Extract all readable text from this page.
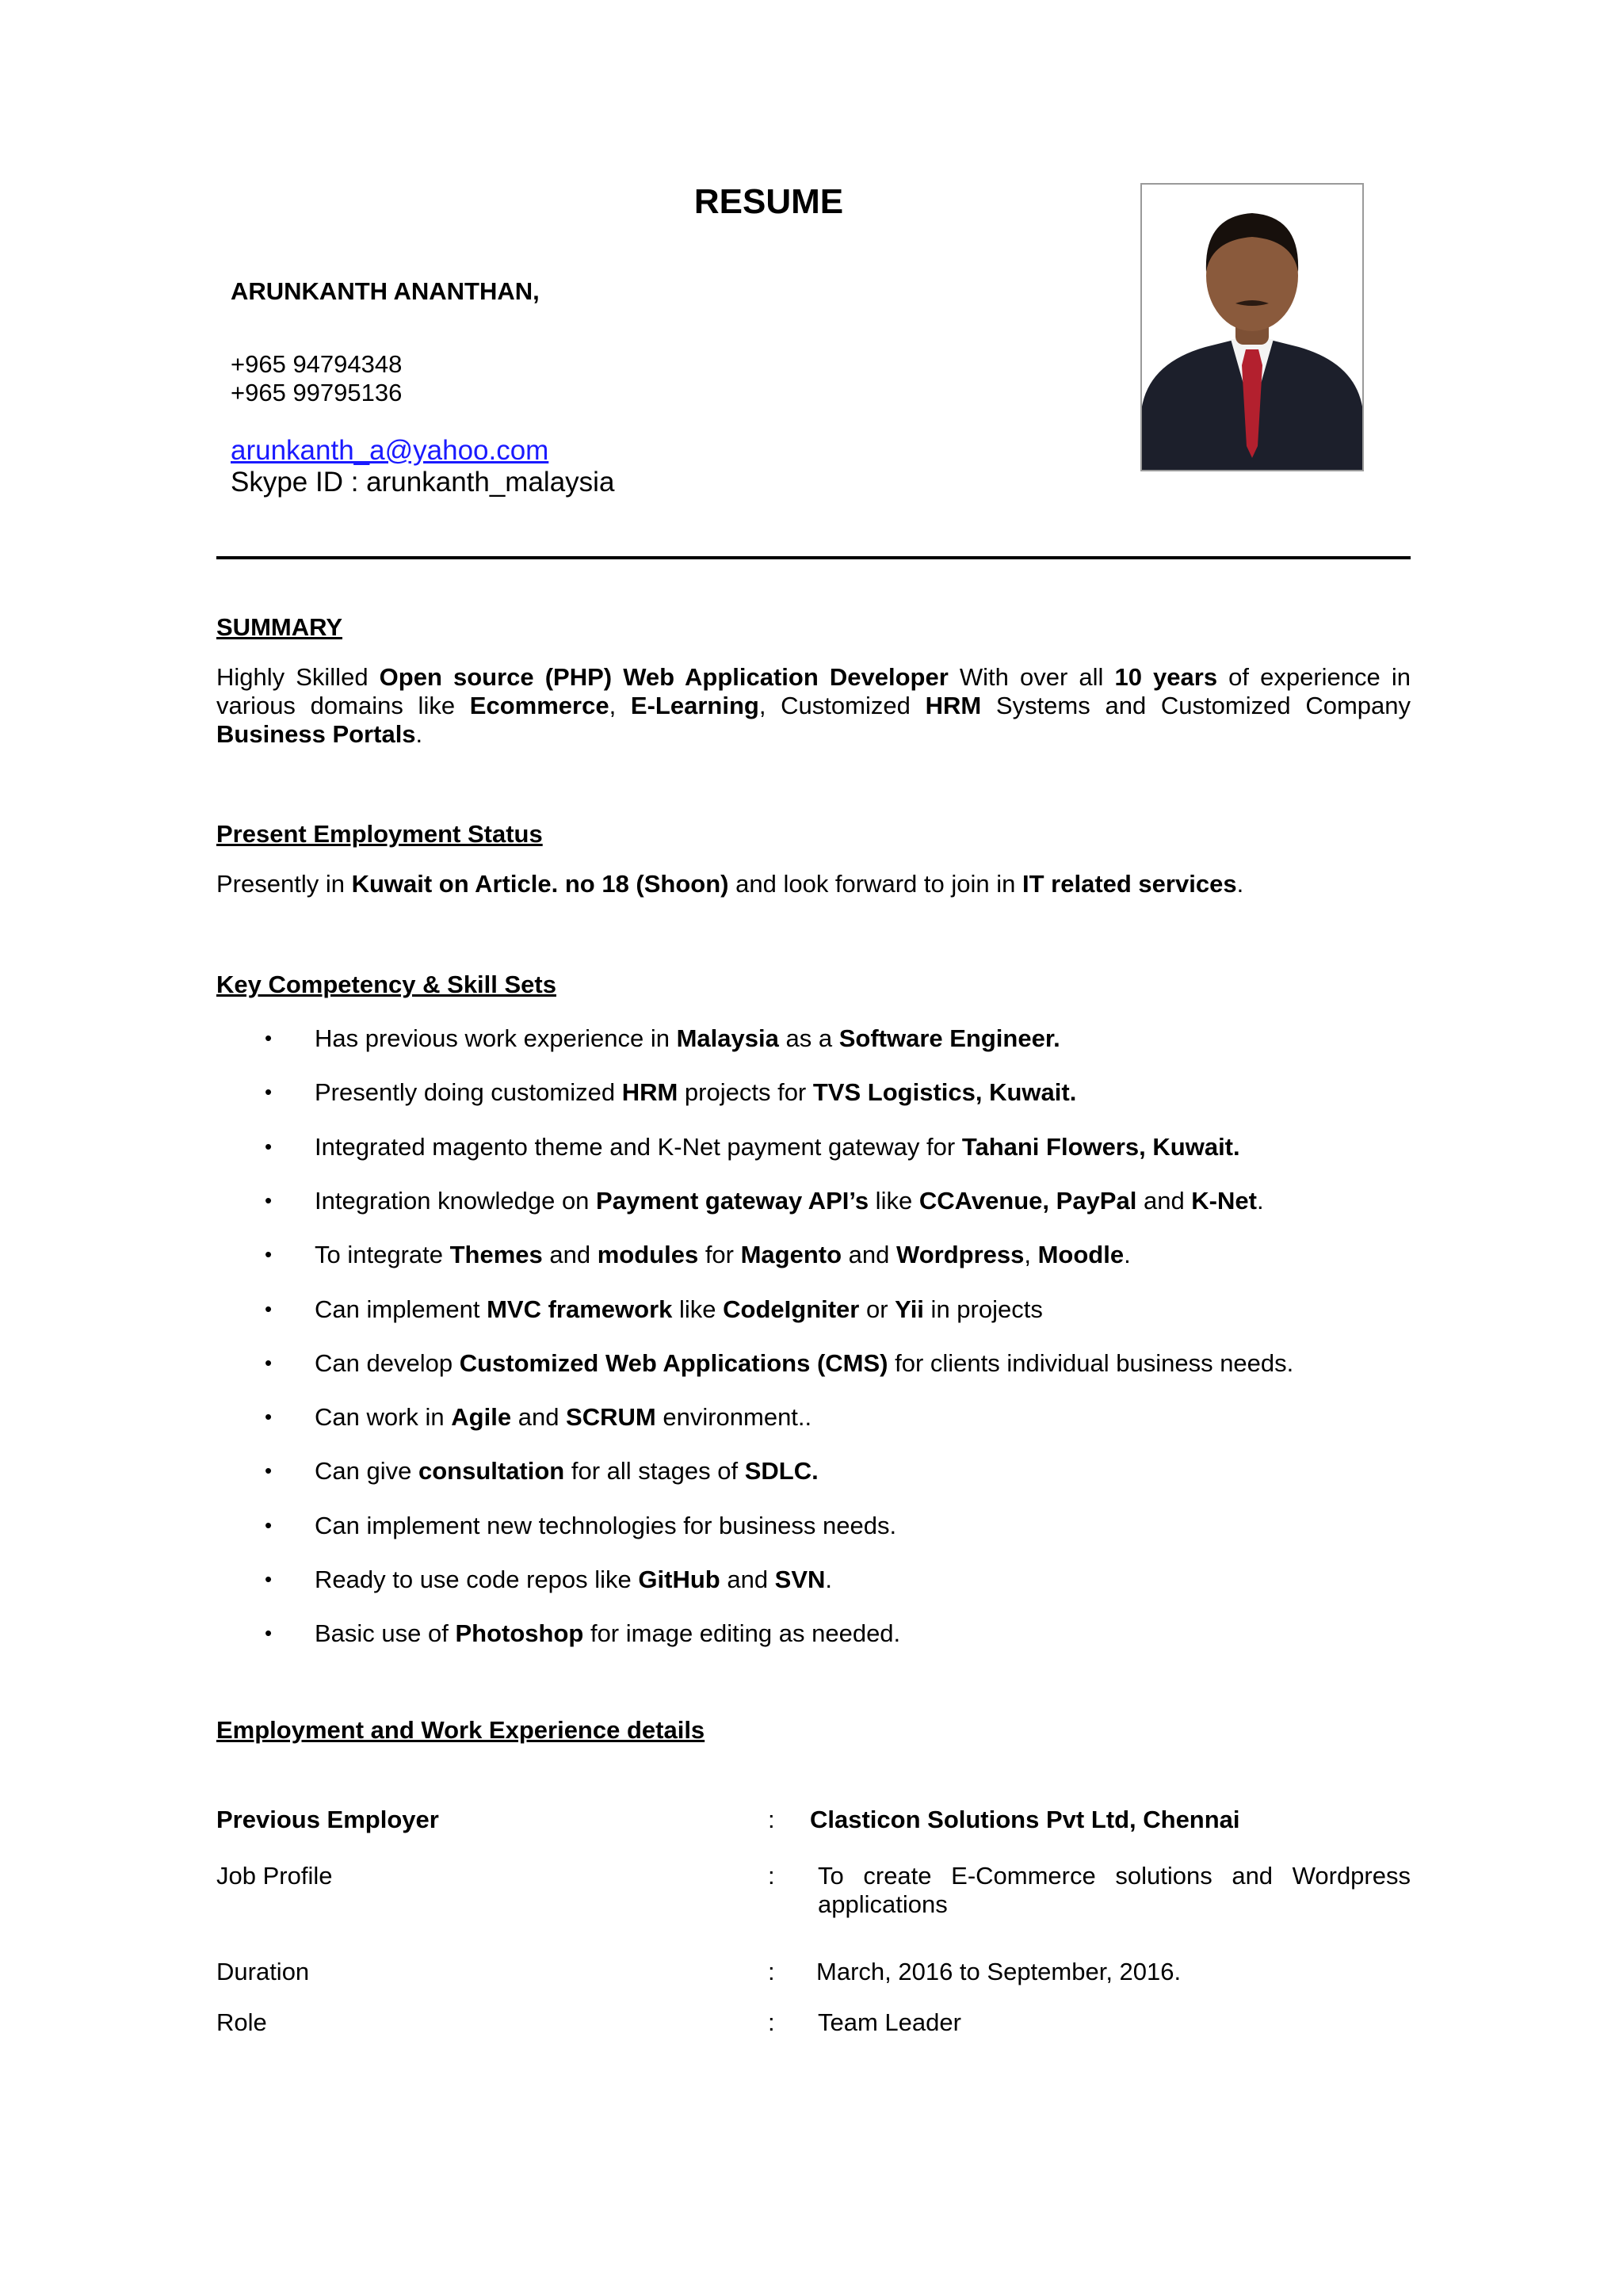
RESUME
ARUNKANTH ANANTHAN,
+965 94794348
+965 99795136
arunkanth_a@yahoo.com
Skype ID : arunkanth_malaysia
SUMMARY
Highly Skilled Open source (PHP) Web Application Developer With over all 10 years of experience in various domains like Ecommerce, E-Learning, Customized HRM Systems and Customized Company Business Portals.
Present Employment Status
Presently in Kuwait on Article. no 18 (Shoon) and look forward to join in IT related services.
Key Competency & Skill Sets
• Has previous work experience in Malaysia as a Software Engineer.
• Presently doing customized HRM projects for TVS Logistics, Kuwait.
• Integrated magento theme and K-Net payment gateway for Tahani Flowers, Kuwait.
• Integration knowledge on Payment gateway API’s like CCAvenue, PayPal and K-Net.
• To integrate Themes and modules for Magento and Wordpress, Moodle.
• Can implement MVC framework like CodeIgniter or Yii in projects
• Can develop Customized Web Applications (CMS) for clients individual business needs.
• Can work in Agile and SCRUM environment..
• Can give consultation for all stages of SDLC.
• Can implement new technologies for business needs.
• Ready to use code repos like GitHub and SVN.
• Basic use of Photoshop for image editing as needed.
Employment and Work Experience details
Previous Employer	: Clasticon Solutions Pvt Ltd, Chennai
Job Profile	: To create E-Commerce solutions and Wordpress applications
Duration	: March, 2016 to September, 2016.
Role	: Team Leader
